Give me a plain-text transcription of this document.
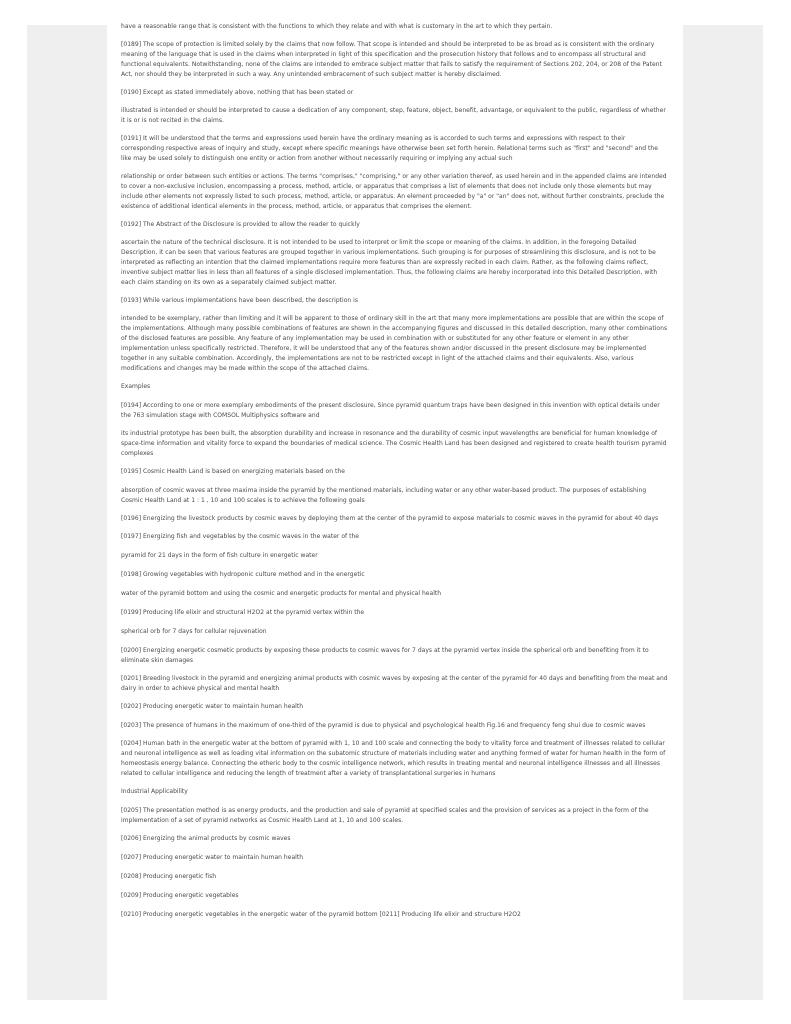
have a reasonable range that is consistent with the functions to which they relate and with what is customary in the art to which they pertain.

[0189] The scope of protection is limited solely by the claims that now follow. That scope is intended and should be interpreted to be as broad as is consistent with the ordinary meaning of the language that is used in the claims when interpreted in light of this specification and the prosecution history that follows and to encompass all structural and functional equivalents. Notwithstanding, none of the claims are intended to embrace subject matter that fails to satisfy the requirement of Sections 202, 204, or 208 of the Patent Act, nor should they be interpreted in such a way. Any unintended embracement of such subject matter is hereby disclaimed.

[0190] Except as stated immediately above, nothing that has been stated or

illustrated is intended or should be interpreted to cause a dedication of any component, step, feature, object, benefit, advantage, or equivalent to the public, regardless of whether it is or is not recited in the claims.

[0191] It will be understood that the terms and expressions used herein have the ordinary meaning as is accorded to such terms and expressions with respect to their corresponding respective areas of inquiry and study, except where specific meanings have otherwise been set forth herein. Relational terms such as "first" and "second" and the like may be used solely to distinguish one entity or action from another without necessarily requiring or implying any actual such

relationship or order between such entities or actions. The terms "comprises," "comprising," or any other variation thereof, as used herein and in the appended claims are intended to cover a non-exclusive inclusion, encompassing a process, method, article, or apparatus that comprises a list of elements that does not include only those elements but may include other elements not expressly listed to such process, method, article, or apparatus. An element proceeded by "a" or "an" does not, without further constraints, preclude the existence of additional identical elements in the process, method, article, or apparatus that comprises the element.

[0192] The Abstract of the Disclosure is provided to allow the reader to quickly

ascertain the nature of the technical disclosure. It is not intended to be used to interpret or limit the scope or meaning of the claims. In addition, in the foregoing Detailed Description, it can be seen that various features are grouped together in various implementations. Such grouping is for purposes of streamlining this disclosure, and is not to be interpreted as reflecting an intention that the claimed implementations require more features than are expressly recited in each claim. Rather, as the following claims reflect, inventive subject matter lies in less than all features of a single disclosed implementation. Thus, the following claims are hereby incorporated into this Detailed Description, with each claim standing on its own as a separately claimed subject matter.

[0193] While various implementations have been described, the description is

intended to be exemplary, rather than limiting and it will be apparent to those of ordinary skill in the art that many more implementations are possible that are within the scope of the implementations. Although many possible combinations of features are shown in the accompanying figures and discussed in this detailed description, many other combinations of the disclosed features are possible. Any feature of any implementation may be used in combination with or substituted for any other feature or element in any other implementation unless specifically restricted. Therefore, it will be understood that any of the features shown and/or discussed in the present disclosure may be implemented together in any suitable combination. Accordingly, the implementations are not to be restricted except in light of the attached claims and their equivalents. Also, various modifications and changes may be made within the scope of the attached claims.

Examples

[0194] According to one or more exemplary embodiments of the present disclosure, Since pyramid quantum traps have been designed in this invention with optical details under the 763 simulation stage with COMSOL Multiphysics software and

its industrial prototype has been built, the absorption durability and increase in resonance and the durability of cosmic input wavelengths are beneficial for human knowledge of space-time information and vitality force to expand the boundaries of medical science. The Cosmic Health Land has been designed and registered to create health tourism pyramid complexes

[0195] Cosmic Health Land is based on energizing materials based on the

absorption of cosmic waves at three maxima inside the pyramid by the mentioned materials, including water or any other water-based product. The purposes of establishing Cosmic Health Land at 1 : 1 , 10 and 100 scales is to achieve the following goals

[0196] Energizing the livestock products by cosmic waves by deploying them at the center of the pyramid to expose materials to cosmic waves in the pyramid for about 40 days

[0197] Energizing fish and vegetables by the cosmic waves in the water of the

pyramid for 21 days in the form of fish culture in energetic water

[0198] Growing vegetables with hydroponic culture method and in the energetic

water of the pyramid bottom and using the cosmic and energetic products for mental and physical health

[0199] Producing life elixir and structural H2O2 at the pyramid vertex within the

spherical orb for 7 days for cellular rejuvenation

[0200] Energizing energetic cosmetic products by exposing these products to cosmic waves for 7 days at the pyramid vertex inside the spherical orb and benefiting from it to eliminate skin damages

[0201] Breeding livestock in the pyramid and energizing animal products with cosmic waves by exposing at the center of the pyramid for 40 days and benefiting from the meat and dairy in order to achieve physical and mental health

[0202] Producing energetic water to maintain human health

[0203] The presence of humans in the maximum of one-third of the pyramid is due to physical and psychological health Fig.16 and frequency feng shui due to cosmic waves

[0204] Human bath in the energetic water at the bottom of pyramid with 1, 10 and 100 scale and connecting the body to vitality force and treatment of illnesses related to cellular and neuronal intelligence as well as loading vital information on the subatomic structure of materials including water and anything formed of water for human health in the form of homeostasis energy balance. Connecting the etheric body to the cosmic intelligence network, which results in treating mental and neuronal intelligence illnesses and all illnesses related to cellular intelligence and reducing the length of treatment after a variety of transplantational surgeries in humans

Industrial Applicability

[0205] The presentation method is as energy products, and the production and sale of pyramid at specified scales and the provision of services as a project in the form of the implementation of a set of pyramid networks as Cosmic Health Land at 1, 10 and 100 scales.

[0206] Energizing the animal products by cosmic waves

[0207] Producing energetic water to maintain human health

[0208] Producing energetic fish

[0209] Producing energetic vegetables

[0210] Producing energetic vegetables in the energetic water of the pyramid bottom [0211] Producing life elixir and structure H2O2
